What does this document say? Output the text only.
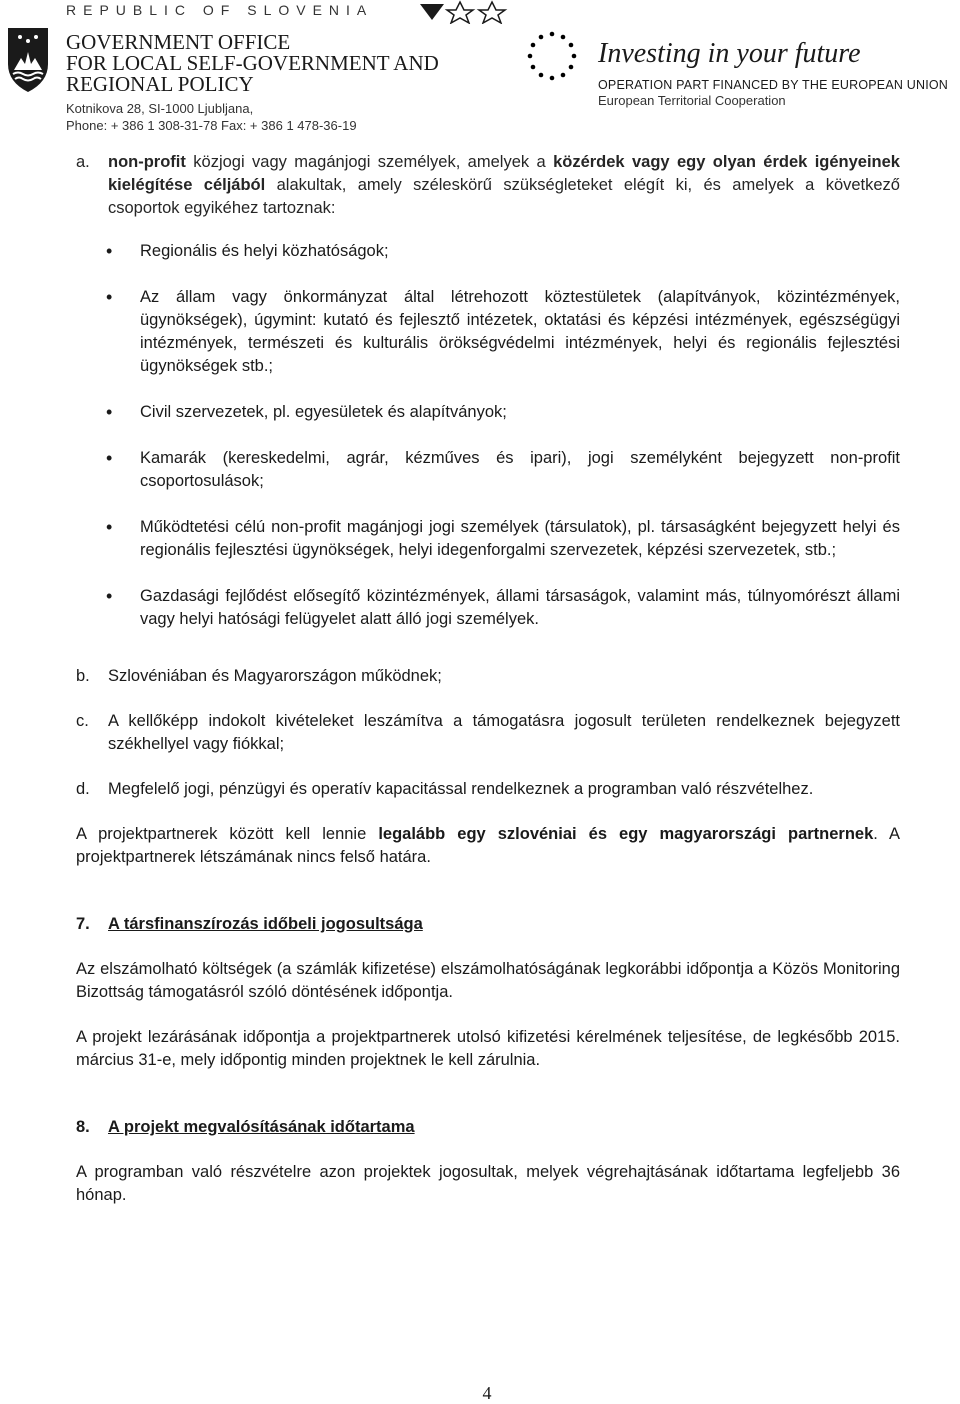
REPUBLIC OF SLOVENIA
GOVERNMENT OFFICE
FOR LOCAL SELF-GOVERNMENT AND
REGIONAL POLICY
Kotnikova 28, SI-1000 Ljubljana,
Phone: + 386 1 308-31-78 Fax: + 386 1 478-36-19
Investing in your future
OPERATION PART FINANCED BY THE EUROPEAN UNION
European Territorial Cooperation

a. non-profit közjogi vagy magánjogi személyek, amelyek a közérdek vagy egy olyan érdek igényeinek kielégítése céljából alakultak, amely széleskörű szükségleteket elégít ki, és amelyek a következő csoportok egyikéhez tartoznak:

• Regionális és helyi közhatóságok;
• Az állam vagy önkormányzat által létrehozott köztestületek (alapítványok, közintézmények, ügynökségek), úgymint: kutató és fejlesztő intézetek, oktatási és képzési intézmények, egészségügyi intézmények, természeti és kulturális örökségvédelmi intézmények, helyi és regionális fejlesztési ügynökségek stb.;
• Civil szervezetek, pl. egyesületek és alapítványok;
• Kamarák (kereskedelmi, agrár, kézműves és ipari), jogi személyként bejegyzett non-profit csoportosulások;
• Működtetési célú non-profit magánjogi jogi személyek (társulatok), pl. társaságként bejegyzett helyi és regionális fejlesztési ügynökségek, helyi idegenforgalmi szervezetek, képzési szervezetek, stb.;
• Gazdasági fejlődést elősegítő közintézmények, állami társaságok, valamint más, túlnyomórészt állami vagy helyi hatósági felügyelet alatt álló jogi személyek.

b. Szlovéniában és Magyarországon működnek;

c. A kellőképp indokolt kivételeket leszámítva a támogatásra jogosult területen rendelkeznek bejegyzett székhellyel vagy fiókkal;

d. Megfelelő jogi, pénzügyi és operatív kapacitással rendelkeznek a programban való részvételhez.

A projektpartnerek között kell lennie legalább egy szlovéniai és egy magyarországi partnernek. A projektpartnerek létszámának nincs felső határa.

7. A társfinanszírozás időbeli jogosultsága

Az elszámolható költségek (a számlák kifizetése) elszámolhatóságának legkorábbi időpontja a Közös Monitoring Bizottság támogatásról szóló döntésének időpontja.

A projekt lezárásának időpontja a projektpartnerek utolsó kifizetési kérelmének teljesítése, de legkésőbb 2015. március 31-e, mely időpontig minden projektnek le kell zárulnia.

8. A projekt megvalósításának időtartama

A programban való részvételre azon projektek jogosultak, melyek végrehajtásának időtartama legfeljebb 36 hónap.

4
